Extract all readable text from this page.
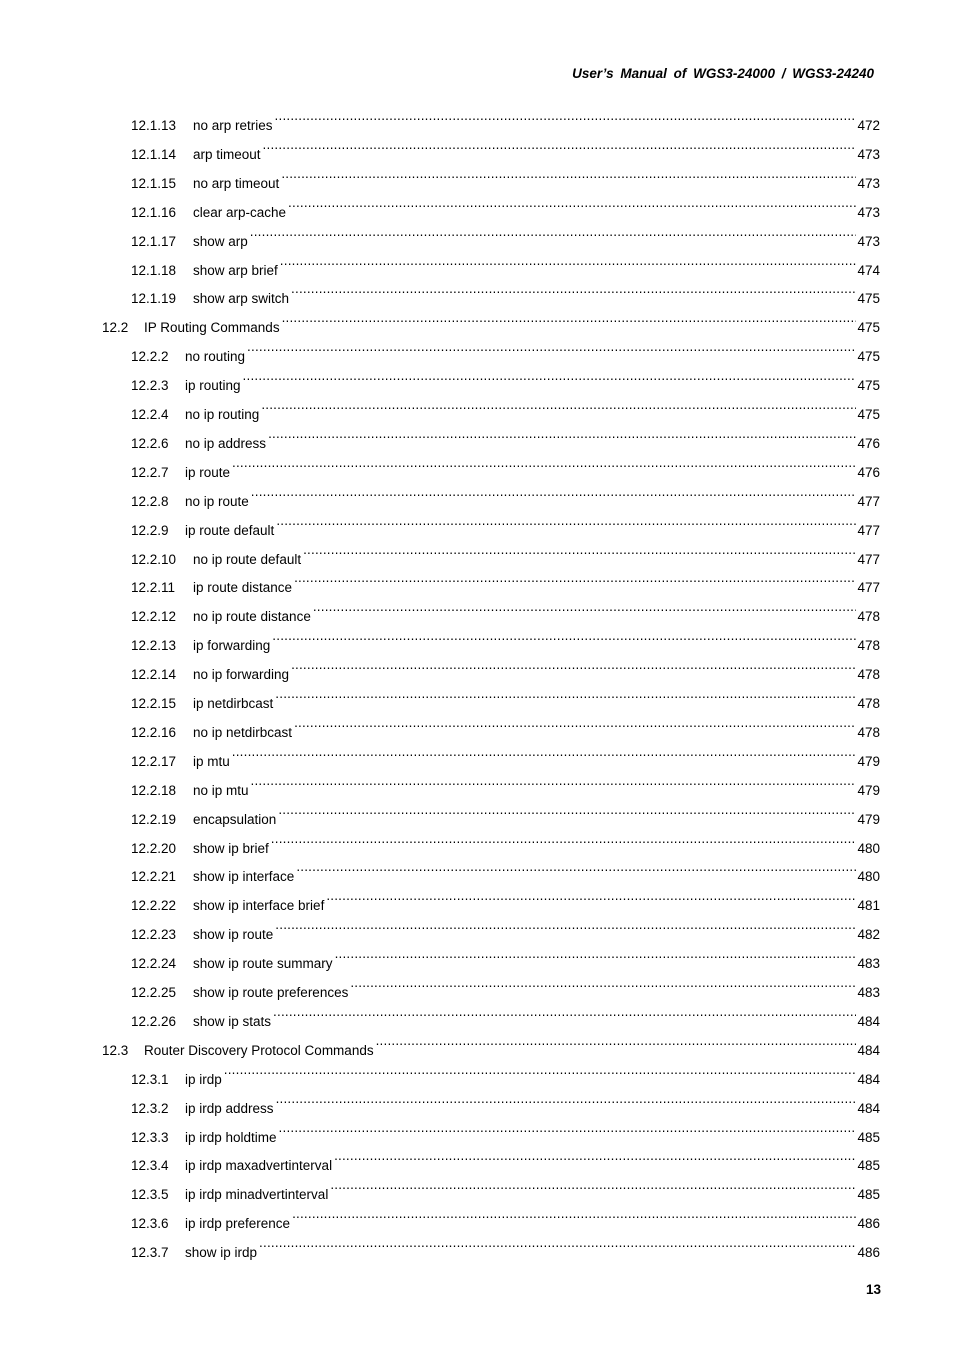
User’s Manual of WGS3-24000 / WGS3-24240
12.1.13	no arp retries .....	472
12.1.14	arp timeout .....	473
12.1.15	no arp timeout .....	473
12.1.16	clear arp-cache .....	473
12.1.17	show arp .....	473
12.1.18	show arp brief .....	474
12.1.19	show arp switch .....	475
12.2	IP Routing Commands .....	475
12.2.2	no routing .....	475
12.2.3	ip routing .....	475
12.2.4	no ip routing .....	475
12.2.6	no ip address .....	476
12.2.7	ip route .....	476
12.2.8	no ip route .....	477
12.2.9	ip route default .....	477
12.2.10	no ip route default .....	477
12.2.11	ip route distance .....	477
12.2.12	no ip route distance .....	478
12.2.13	ip forwarding .....	478
12.2.14	no ip forwarding .....	478
12.2.15	ip netdirbcast .....	478
12.2.16	no ip netdirbcast .....	478
12.2.17	ip mtu .....	479
12.2.18	no ip mtu .....	479
12.2.19	encapsulation .....	479
12.2.20	show ip brief .....	480
12.2.21	show ip interface .....	480
12.2.22	show ip interface brief .....	481
12.2.23	show ip route .....	482
12.2.24	show ip route summary .....	483
12.2.25	show ip route preferences .....	483
12.2.26	show ip stats .....	484
12.3	Router Discovery Protocol Commands .....	484
12.3.1	ip irdp .....	484
12.3.2	ip irdp address .....	484
12.3.3	ip irdp holdtime .....	485
12.3.4	ip irdp maxadvertinterval .....	485
12.3.5	ip irdp minadvertinterval .....	485
12.3.6	ip irdp preference .....	486
12.3.7	show ip irdp .....	486
13
